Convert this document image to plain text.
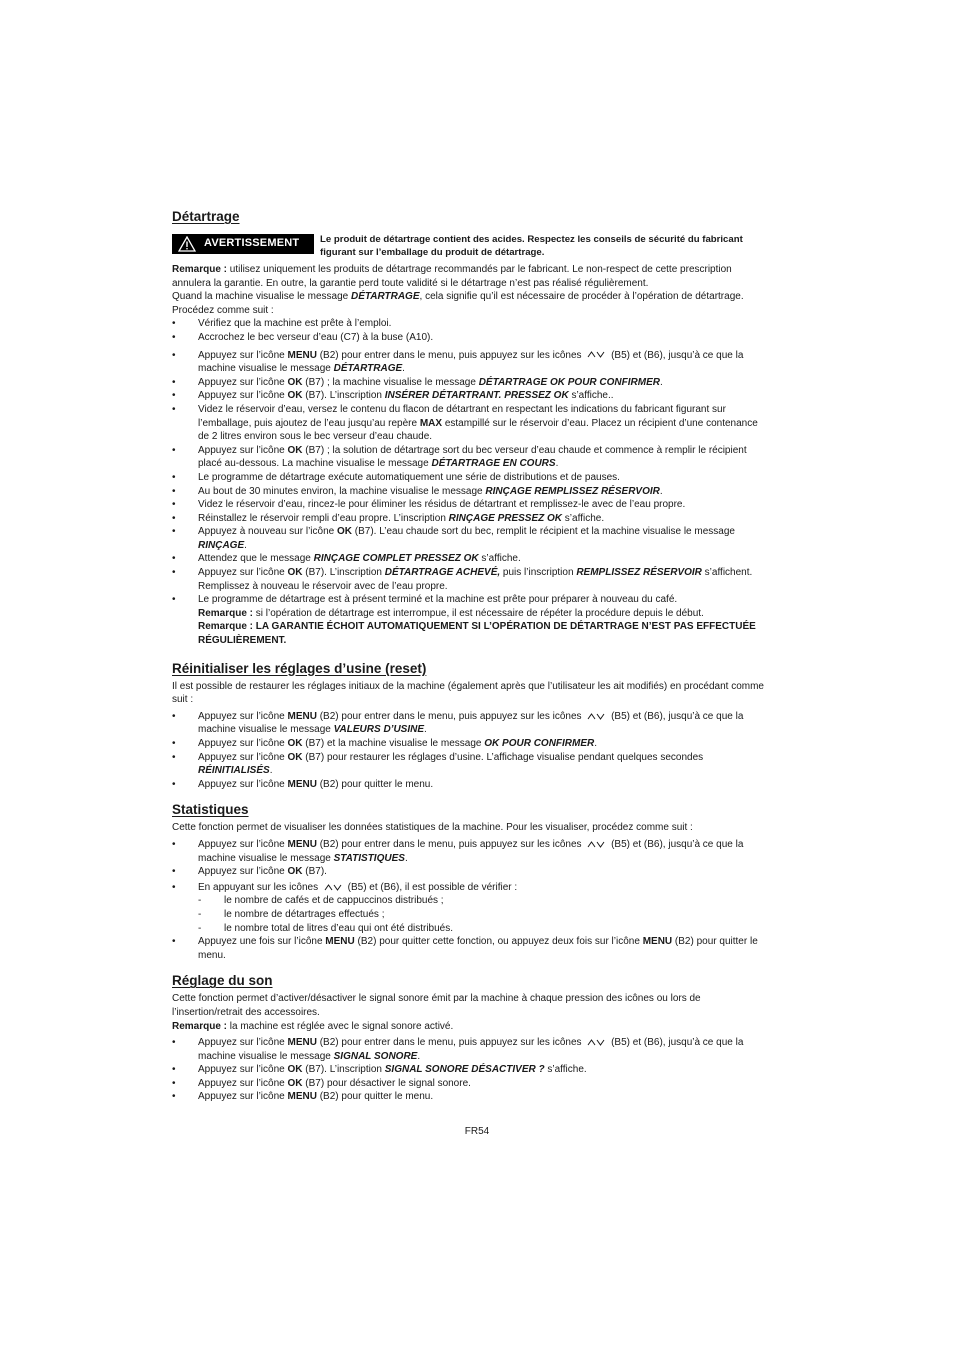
Détartrage
AVERTISSEMENT Le produit de détartrage contient des acides. Respectez les conseils de sécurité du fabricant figurant sur l’emballage du produit de détartrage.

Remarque : utilisez uniquement les produits de détartrage recommandés par le fabricant. Le non-respect de cette prescription annulera la garantie. En outre, la garantie perd toute validité si le détartrage n’est pas réalisé régulièrement.

Quand la machine visualise le message DÉTARTRAGE, cela signifie qu’il est nécessaire de procéder à l’opération de détartrage.

Procédez comme suit :

• Vérifiez que la machine est prête à l’emploi.
• Accrochez le bec verseur d’eau (C7) à la buse (A10).
• Appuyez sur l’icône MENU (B2) pour entrer dans le menu, puis appuyez sur les icônes  (B5) et (B6), jusqu’à ce que la machine visualise le message DÉTARTRAGE.
• Appuyez sur l’icône OK (B7) ; la machine visualise le message DÉTARTRAGE OK POUR CONFIRMER.
• Appuyez sur l’icône OK (B7). L’inscription INSÉRER DÉTARTRANT. PRESSEZ OK s’affiche..
• Videz le réservoir d’eau, versez le contenu du flacon de détartrant en respectant les indications du fabricant figurant sur l’emballage, puis ajoutez de l’eau jusqu’au repère MAX estampillé sur le réservoir d’eau. Placez un récipient d’une contenance de 2 litres environ sous le bec verseur d’eau chaude.
• Appuyez sur l’icône OK (B7) ; la solution de détartrage sort du bec verseur d’eau chaude et commence à remplir le récipient placé au-dessous. La machine visualise le message DÉTARTRAGE EN COURS.
• Le programme de détartrage exécute automatiquement une série de distributions et de pauses.
• Au bout de 30 minutes environ, la machine visualise le message RINÇAGE REMPLISSEZ RÉSERVOIR.
• Videz le réservoir d’eau, rincez-le pour éliminer les résidus de détartrant et remplissez-le avec de l’eau propre.
• Réinstallez le réservoir rempli d’eau propre. L’inscription RINÇAGE PRESSEZ OK s’affiche.
• Appuyez à nouveau sur l’icône OK (B7). L’eau chaude sort du bec, remplit le récipient et la machine visualise le message RINÇAGE.
• Attendez que le message RINÇAGE COMPLET PRESSEZ OK s’affiche.
• Appuyez sur l’icône OK (B7). L’inscription DÉTARTRAGE ACHEVÉ, puis l’inscription REMPLISSEZ RÉSERVOIR s’affichent. Remplissez à nouveau le réservoir avec de l’eau propre.
• Le programme de détartrage est à présent terminé et la machine est prête pour préparer à nouveau du café.
Remarque : si l’opération de détartrage est interrompue, il est nécessaire de répéter la procédure depuis le début.
Remarque : LA GARANTIE ÉCHOIT AUTOMATIQUEMENT SI L’OPÉRATION DE DÉTARTRAGE N’EST PAS EFFECTUÉE RÉGULIÈREMENT.
Réinitialiser les réglages d’usine (reset)

Il est possible de restaurer les réglages initiaux de la machine (également après que l’utilisateur les ait modifiés) en procédant comme suit :

• Appuyez sur l’icône MENU (B2) pour entrer dans le menu, puis appuyez sur les icônes  (B5) et (B6), jusqu’à ce que la machine visualise le message VALEURS D’USINE.
• Appuyez sur l’icône OK (B7) et la machine visualise le message OK POUR CONFIRMER.
• Appuyez sur l’icône OK (B7) pour restaurer les réglages d’usine. L’affichage visualise pendant quelques secondes RÉINITIALISÉS.
• Appuyez sur l’icône MENU (B2) pour quitter le menu.
Statistiques

Cette fonction permet de visualiser les données statistiques de la machine. Pour les visualiser, procédez comme suit :

• Appuyez sur l’icône MENU (B2) pour entrer dans le menu, puis appuyez sur les icônes  (B5) et (B6), jusqu’à ce que la machine visualise le message STATISTIQUES.
• Appuyez sur l’icône OK (B7).
• En appuyant sur les icônes  (B5) et (B6), il est possible de vérifier :
- le nombre de cafés et de cappuccinos distribués ;
- le nombre de détartrages effectués ;
- le nombre total de litres d’eau qui ont été distribués.
• Appuyez une fois sur l’icône MENU (B2) pour quitter cette fonction, ou appuyez deux fois sur l’icône MENU (B2) pour quitter le menu.
Réglage du son

Cette fonction permet d’activer/désactiver le signal sonore émit par la machine à chaque pression des icônes ou lors de l’insertion/retrait des accessoires.

Remarque : la machine est réglée avec le signal sonore activé.

• Appuyez sur l’icône MENU (B2) pour entrer dans le menu, puis appuyez sur les icônes  (B5) et (B6), jusqu’à ce que la machine visualise le message SIGNAL SONORE.
• Appuyez sur l’icône OK (B7). L’inscription SIGNAL SONORE DÉSACTIVER ? s’affiche.
• Appuyez sur l’icône OK (B7) pour désactiver le signal sonore.
• Appuyez sur l’icône MENU (B2) pour quitter le menu.
FR54
